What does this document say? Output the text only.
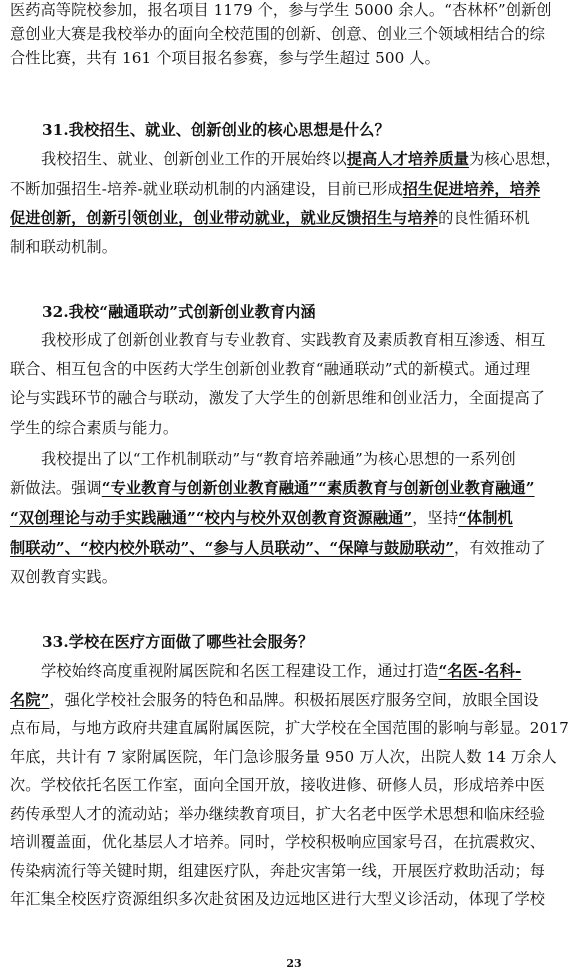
医药高等院校参加，报名项目 1179 个，参与学生 5000 余人。“杏林杯”创新创
意创业大赛是我校举办的面向全校范围的创新、创意、创业三个领域相结合的综
合性比赛，共有 161 个项目报名参赛，参与学生超过 500 人。
31.我校招生、就业、创新创业的核心思想是什么？
我校招生、就业、创新创业工作的开展始终以提高人才培养质量为核心思想，
不断加强招生-培养-就业联动机制的内涵建设，目前已形成招生促进培养，培养
促进创新，创新引领创业，创业带动就业，就业反馈招生与培养的良性循环机
制和联动机制。
32.我校“融通联动”式创新创业教育内涵
我校形成了创新创业教育与专业教育、实践教育及素质教育相互渗透、相互
联合、相互包含的中医药大学生创新创业教育“融通联动”式的新模式。通过理
论与实践环节的融合与联动，激发了大学生的创新思维和创业活力，全面提高了
学生的综合素质与能力。
我校提出了以“工作机制联动”与“教育培养融通”为核心思想的一系列创
新做法。强调“专业教育与创新创业教育融通”“素质教育与创新创业教育融通”
“双创理论与动手实践融通”“校内与校外双创教育资源融通”，坚持“体制机
制联动”、“校内校外联动”、“参与人员联动”、“保障与鼓励联动”，有效推动了
双创教育实践。
33.学校在医疗方面做了哪些社会服务？
学校始终高度重视附属医院和名医工程建设工作，通过打造“名医-名科-
名院”，强化学校社会服务的特色和品牌。积极拓展医疗服务空间，放眼全国设
点布局，与地方政府共建直属附属医院，扩大学校在全国范围的影响与彰显。2017
年底，共计有 7 家附属医院，年门急诊服务量 950 万人次，出院人数 14 万余人
次。学校依托名医工作室，面向全国开放，接收进修、研修人员，形成培养中医
药传承型人才的流动站；举办继续教育项目，扩大名老中医学术思想和临床经验
培训覆盖面，优化基层人才培养。同时，学校积极响应国家号召，在抗震救灾、
传染病流行等关键时期，组建医疗队，奔赴灾害第一线，开展医疗救助活动；每
年汇集全校医疗资源组织多次赴贫困及边远地区进行大型义诊活动，体现了学校
23
